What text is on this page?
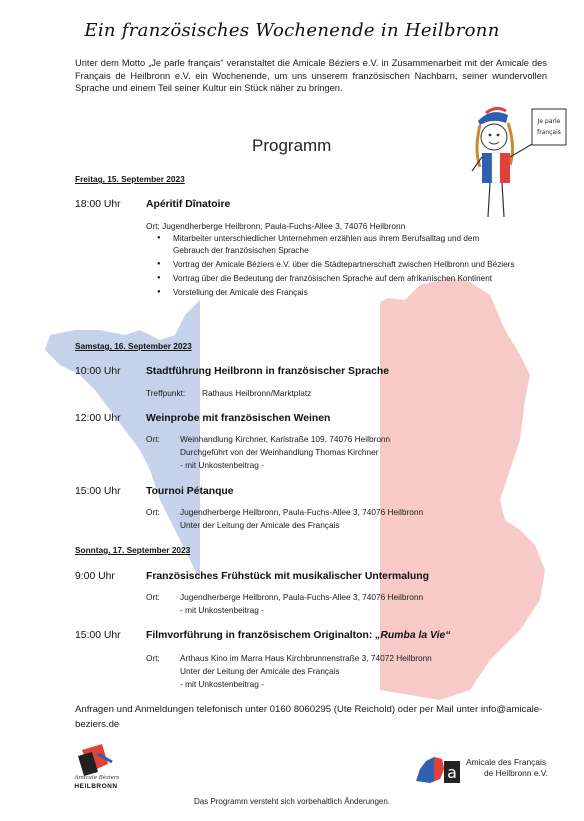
Ein französisches Wochenende in Heilbronn
Unter dem Motto „Je parle français“ veranstaltet die Amicale Béziers e.V. in Zusammenarbeit mit der Amicale des Français de Heilbronn e.V. ein Wochenende, um uns unserem französischen Nachbarn, seiner wundervollen Sprache und einem Teil seiner Kultur ein Stück näher zu bringen.
Programm
Je parle
français
Freitag, 15. September 2023
18:00 Uhr Apéritif Dînatoire
Ort: Jugendherberge Heilbronn, Paula-Fuchs-Allee 3, 74076 Heilbronn
● Mitarbeiter unterschiedlicher Unternehmen erzählen aus ihrem Berufsalltag und dem Gebrauch der französischen Sprache
● Vortrag der Amicale Béziers e.V. über die Städtepartnerschaft zwischen Heilbronn und Béziers
● Vortrag über die Bedeutung der französischen Sprache auf dem afrikanischen Kontinent
● Vorstellung der Amicale des Français
Samstag, 16. September 2023
10:00 Uhr Stadtführung Heilbronn in französischer Sprache
Treffpunkt: Rathaus Heilbronn/Marktplatz
12:00 Uhr Weinprobe mit französischen Weinen
Ort: Weinhandlung Kirchner, Karlstraße 109, 74076 Heilbronn
Durchgeführt von der Weinhandlung Thomas Kirchner
- mit Unkostenbeitrag -
15:00 Uhr Tournoi Pétanque
Ort: Jugendherberge Heilbronn, Paula-Fuchs-Allee 3, 74076 Heilbronn
Unter der Leitung der Amicale des Français
Sonntag, 17. September 2023
9:00 Uhr	Französisches Frühstück mit musikalischer Untermalung
Ort: Jugendherberge Heilbronn, Paula-Fuchs-Allee 3, 74076 Heilbronn
- mit Unkostenbeitrag -
15:00 Uhr Filmvorführung in französischem Originalton: „Rumba la Vie“
Ort: Arthaus Kino im Marra Haus Kirchbrunnenstraße 3, 74072 Heilbronn
Unter der Leitung der Amicale des Français
- mit Unkostenbeitrag -
Anfragen und Anmeldungen telefonisch unter 0160 8060295 (Ute Reichold) oder per Mail unter info@amicale-beziers.de
Amicale Béziers
HEILBRONN
a
Amicale des Français
de Heilbronn e.V.
Das Programm versteht sich vorbehaltlich Änderungen.
